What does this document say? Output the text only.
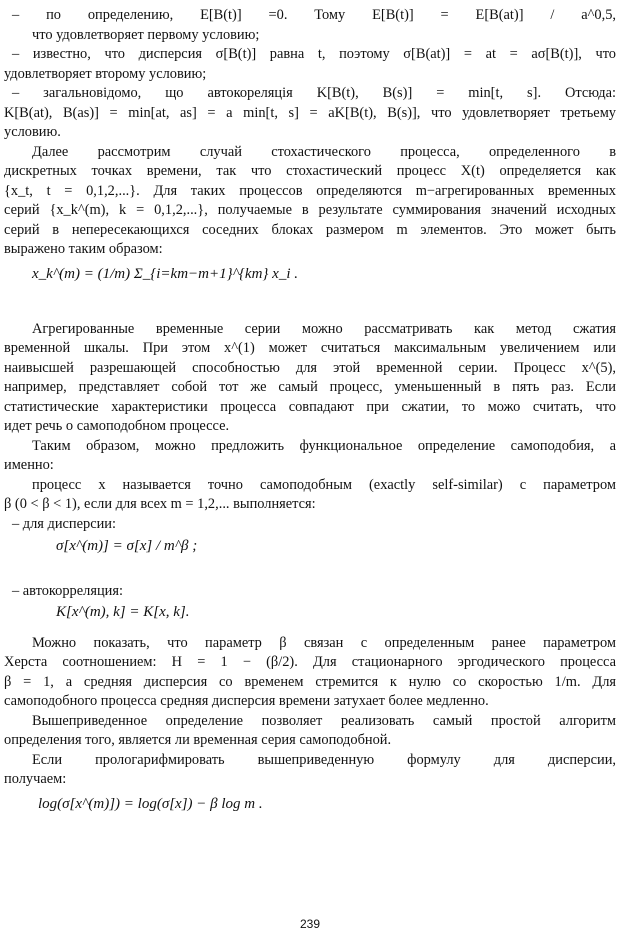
– по определению, E[B(t)] =0. Тому E[B(t)] = E[B(at)] / a^0,5,
что удовлетворяет первому условию;
– известно, что дисперсия σ[B(t)] равна t, поэтому σ[B(at)] = at = aσ[B(t)], что
удовлетворяет второму условию;
– загальновідомо, що автокореляція K[B(t), B(s)] = min[t, s]. Отсюда:
K[B(at), B(as)] = min[at, as] = a min[t, s] = aK[B(t), B(s)], что удовлетворяет третьему
условию.
Далее рассмотрим случай стохастического процесса, определенного в
дискретных точках времени, так что стохастический процесс X(t) определяется как
{x_t, t = 0,1,2,...}. Для таких процессов определяются m−агрегированных временных
серий {x_k^(m), k = 0,1,2,...}, получаемые в результате суммирования значений исходных
серий в непересекающихся соседних блоках размером m элементов. Это может быть
выражено таким образом:
x_k^(m) = (1/m) Σ_{i=km−m+1}^{km} x_i .
Агрегированные временные серии можно рассматривать как метод сжатия
временной шкалы. При этом x^(1) может считаться максимальным увеличением или
наивысшей разрешающей способностью для этой временной серии. Процесс x^(5),
например, представляет собой тот же самый процесс, уменьшенный в пять раз. Если
статистические характеристики процесса совпадают при сжатии, то можо считать, что
идет речь о самоподобном процессе.
Таким образом, можно предложить функциональное определение самоподобия, а
именно:
процесс x называется точно самоподобным (exactly self-similar) с параметром
β (0 < β < 1), если для всех m = 1,2,... выполняется:
– для дисперсии:
σ[x^(m)] = σ[x] / m^β ;
– автокорреляция:
K[x^(m), k] = K[x, k].
Можно показать, что параметр β связан с определенным ранее параметром
Херста соотношением: H = 1 − (β/2). Для стационарного эргодического процесса
β = 1, а средняя дисперсия со временем стремится к нулю со скоростью 1/m. Для
самоподобного процесса средняя дисперсия времени затухает более медленно.
Вышеприведенное определение позволяет реализовать самый простой алгоритм
определения того, является ли временная серия самоподобной.
Если прологарифмировать вышеприведенную формулу для дисперсии,
получаем:
log(σ[x^(m)]) = log(σ[x]) − β log m .
239
